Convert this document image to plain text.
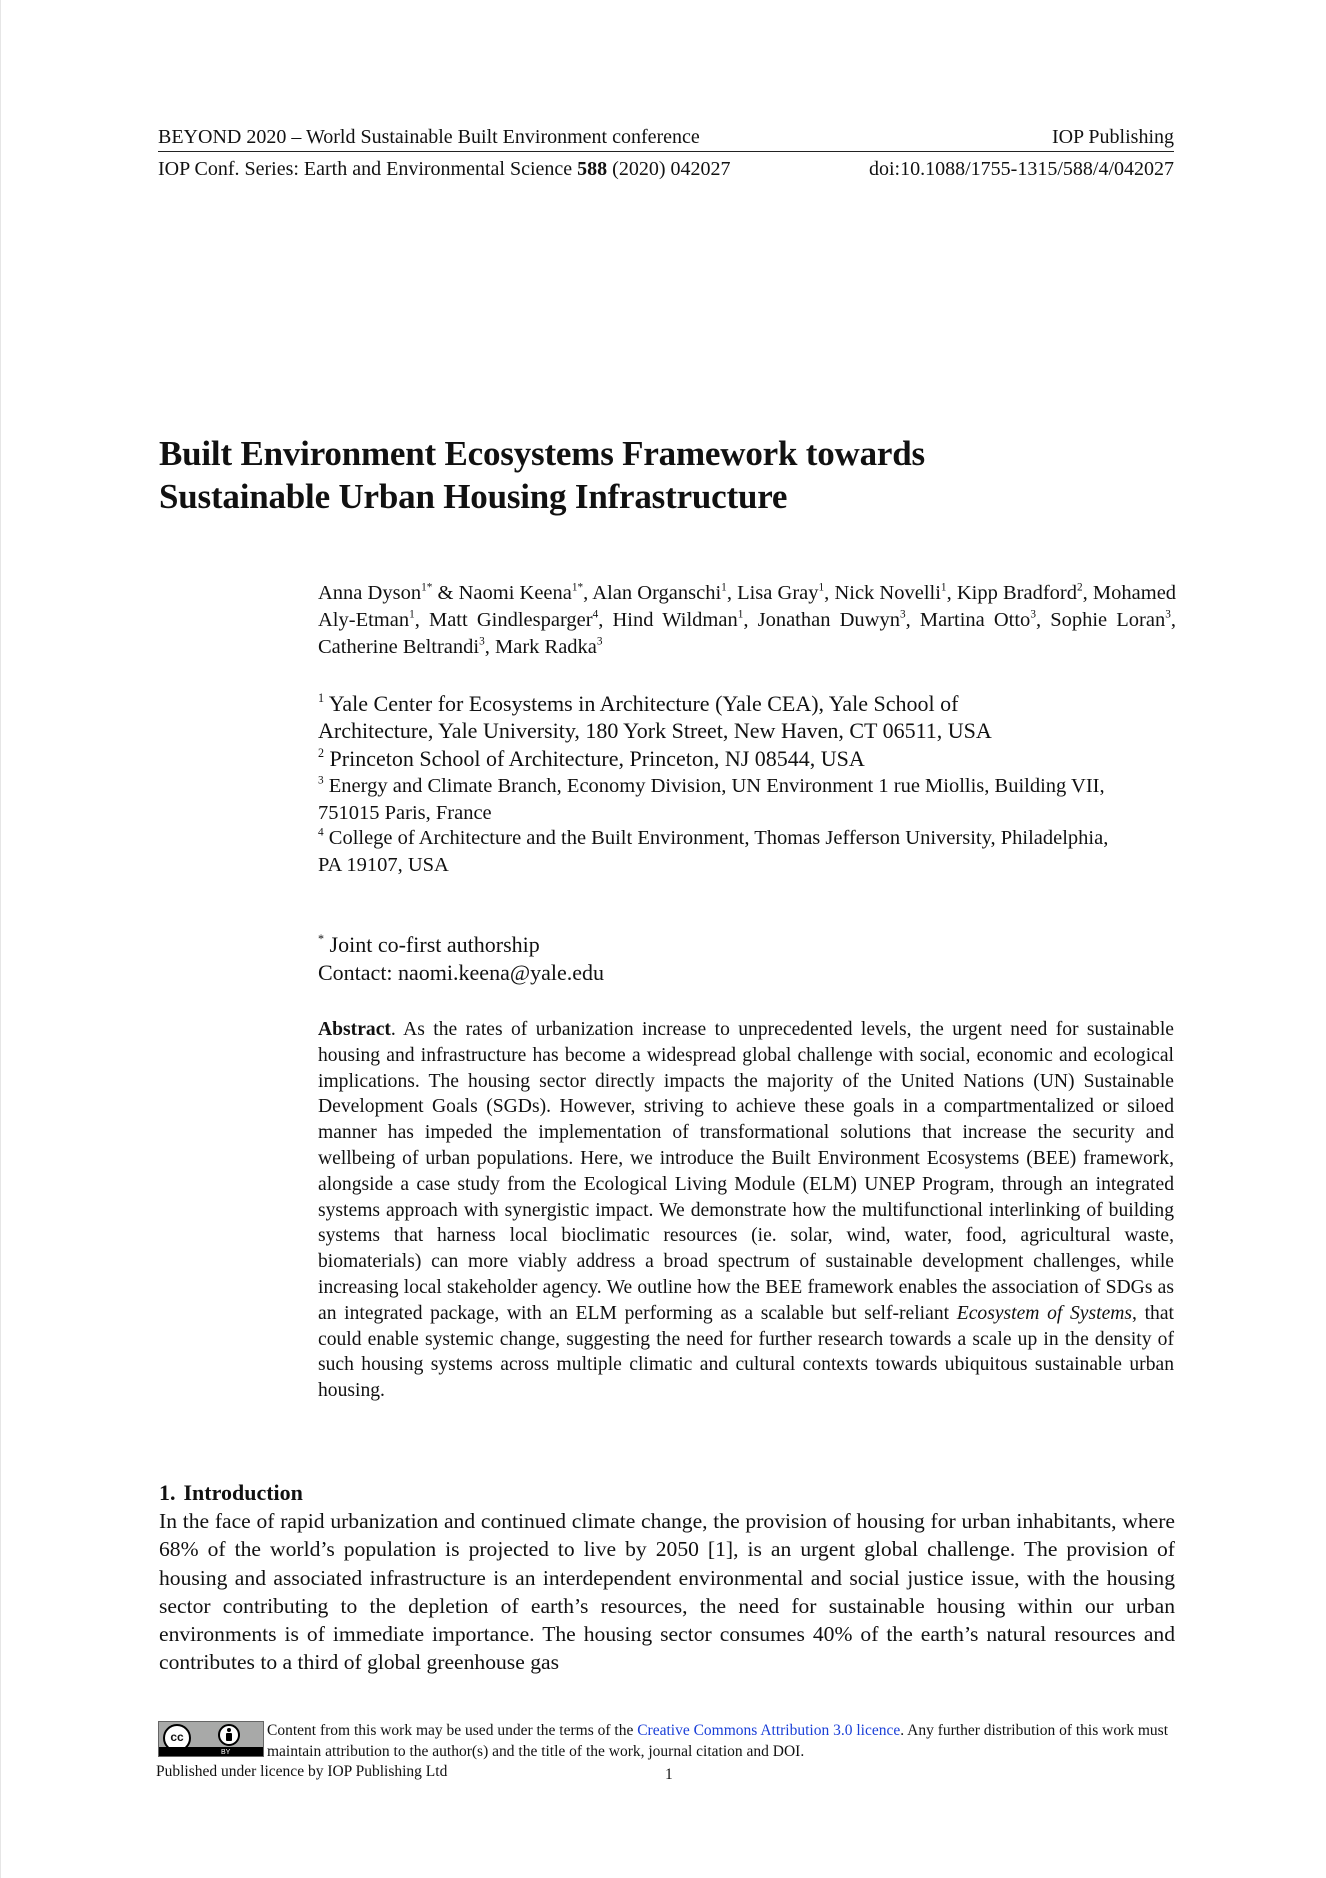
BEYOND 2020 – World Sustainable Built Environment conference	IOP Publishing
IOP Conf. Series: Earth and Environmental Science 588 (2020) 042027	doi:10.1088/1755-1315/588/4/042027
Built Environment Ecosystems Framework towards
Sustainable Urban Housing Infrastructure
Anna Dyson$^{1*}$ & Naomi Keena$^{1*}$, Alan Organschi$^1$, Lisa Gray$^1$, Nick Novelli$^1$, Kipp Bradford$^2$, Mohamed Aly-Etman$^1$, Matt Gindlesparger$^4$, Hind Wildman$^1$, Jonathan Duwyn$^3$, Martina Otto$^3$, Sophie Loran$^3$, Catherine Beltrandi$^3$, Mark Radka$^3$
$^1$ Yale Center for Ecosystems in Architecture (Yale CEA), Yale School of
Architecture, Yale University, 180 York Street, New Haven, CT 06511, USA
$^2$ Princeton School of Architecture, Princeton, NJ 08544, USA
$^3$ Energy and Climate Branch, Economy Division, UN Environment 1 rue Miollis, Building VII,
751015 Paris, France
$^4$ College of Architecture and the Built Environment, Thomas Jefferson University, Philadelphia,
PA 19107, USA
* Joint co-first authorship
Contact: naomi.keena@yale.edu
Abstract. As the rates of urbanization increase to unprecedented levels, the urgent need for sustainable housing and infrastructure has become a widespread global challenge with social, economic and ecological implications. The housing sector directly impacts the majority of the United Nations (UN) Sustainable Development Goals (SGDs). However, striving to achieve these goals in a compartmentalized or siloed manner has impeded the implementation of transformational solutions that increase the security and wellbeing of urban populations. Here, we introduce the Built Environment Ecosystems (BEE) framework, alongside a case study from the Ecological Living Module (ELM) UNEP Program, through an integrated systems approach with synergistic impact. We demonstrate how the multifunctional interlinking of building systems that harness local bioclimatic resources (ie. solar, wind, water, food, agricultural waste, biomaterials) can more viably address a broad spectrum of sustainable development challenges, while increasing local stakeholder agency. We outline how the BEE framework enables the association of SDGs as an integrated package, with an ELM performing as a scalable but self-reliant Ecosystem of Systems, that could enable systemic change, suggesting the need for further research towards a scale up in the density of such housing systems across multiple climatic and cultural contexts towards ubiquitous sustainable urban housing.
1. Introduction
In the face of rapid urbanization and continued climate change, the provision of housing for urban inhabitants, where 68% of the world’s population is projected to live by 2050 [1], is an urgent global challenge. The provision of housing and associated infrastructure is an interdependent environmental and social justice issue, with the housing sector contributing to the depletion of earth’s resources, the need for sustainable housing within our urban environments is of immediate importance. The housing sector consumes 40% of the earth’s natural resources and contributes to a third of global greenhouse gas
cc
BY
Content from this work may be used under the terms of the Creative Commons Attribution 3.0 licence. Any further distribution of this work must maintain attribution to the author(s) and the title of the work, journal citation and DOI.
Published under licence by IOP Publishing Ltd	1
